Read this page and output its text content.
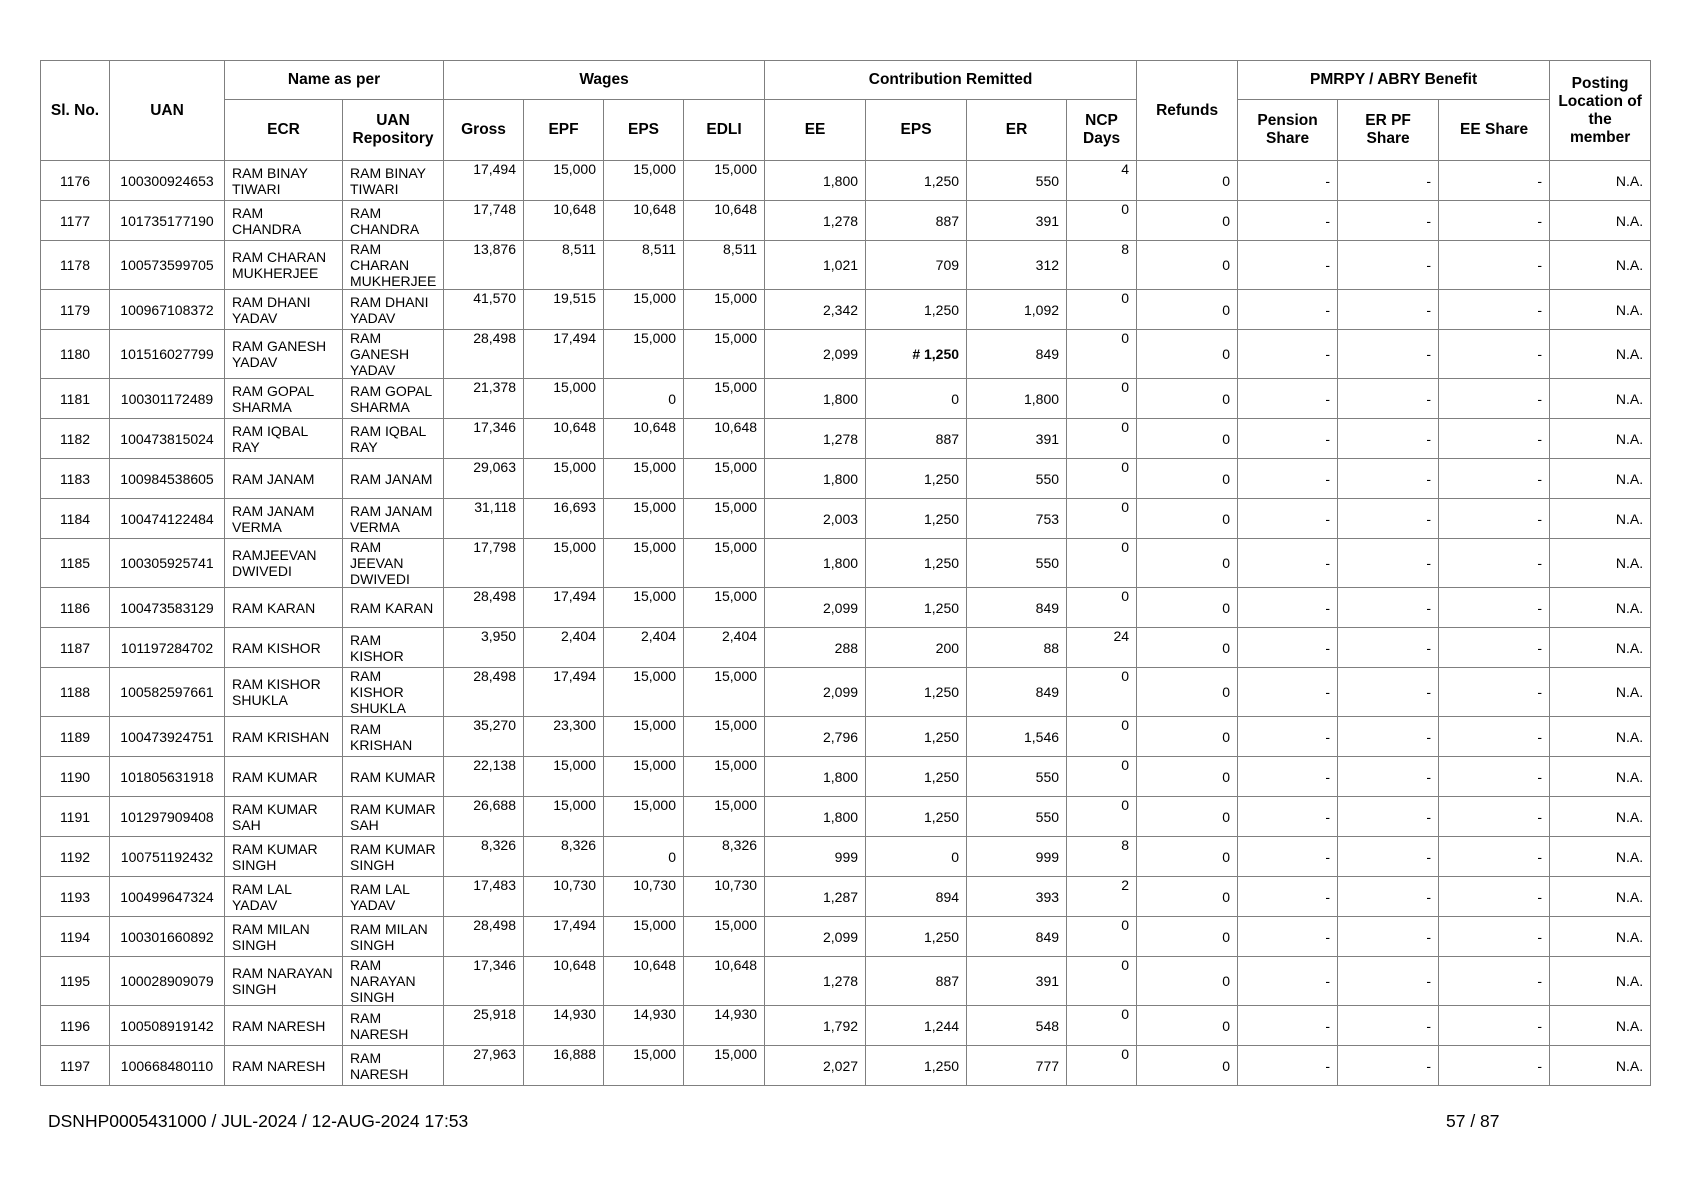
Sl. No.	UAN	Name as per		Wages				Contribution Remitted				Refunds	PMRPY / ABRY Benefit			Posting Location of the member
		ECR	UAN Repository	Gross	EPF	EPS	EDLI	EE	EPS	ER	NCP Days		Pension Share	ER PF Share	EE Share	
1176	100300924653	RAM BINAY TIWARI	RAM BINAY TIWARI	17,494	15,000	15,000	15,000	1,800	1,250	550	4	0	-	-	-	N.A.
1177	101735177190	RAM CHANDRA	RAM CHANDRA	17,748	10,648	10,648	10,648	1,278	887	391	0	0	-	-	-	N.A.
1178	100573599705	RAM CHARAN MUKHERJEE	RAM CHARAN MUKHERJEE	13,876	8,511	8,511	8,511	1,021	709	312	8	0	-	-	-	N.A.
1179	100967108372	RAM DHANI YADAV	RAM DHANI YADAV	41,570	19,515	15,000	15,000	2,342	1,250	1,092	0	0	-	-	-	N.A.
1180	101516027799	RAM GANESH YADAV	RAM GANESH YADAV	28,498	17,494	15,000	15,000	2,099	# 1,250	849	0	0	-	-	-	N.A.
1181	100301172489	RAM GOPAL SHARMA	RAM GOPAL SHARMA	21,378	15,000	0	15,000	1,800	0	1,800	0	0	-	-	-	N.A.
1182	100473815024	RAM IQBAL RAY	RAM IQBAL RAY	17,346	10,648	10,648	10,648	1,278	887	391	0	0	-	-	-	N.A.
1183	100984538605	RAM JANAM	RAM JANAM	29,063	15,000	15,000	15,000	1,800	1,250	550	0	0	-	-	-	N.A.
1184	100474122484	RAM JANAM VERMA	RAM JANAM VERMA	31,118	16,693	15,000	15,000	2,003	1,250	753	0	0	-	-	-	N.A.
1185	100305925741	RAMJEEVAN DWIVEDI	RAM JEEVAN DWIVEDI	17,798	15,000	15,000	15,000	1,800	1,250	550	0	0	-	-	-	N.A.
1186	100473583129	RAM KARAN	RAM KARAN	28,498	17,494	15,000	15,000	2,099	1,250	849	0	0	-	-	-	N.A.
1187	101197284702	RAM KISHOR	RAM KISHOR	3,950	2,404	2,404	2,404	288	200	88	24	0	-	-	-	N.A.
1188	100582597661	RAM KISHOR SHUKLA	RAM KISHOR SHUKLA	28,498	17,494	15,000	15,000	2,099	1,250	849	0	0	-	-	-	N.A.
1189	100473924751	RAM KRISHAN	RAM KRISHAN	35,270	23,300	15,000	15,000	2,796	1,250	1,546	0	0	-	-	-	N.A.
1190	101805631918	RAM KUMAR	RAM KUMAR	22,138	15,000	15,000	15,000	1,800	1,250	550	0	0	-	-	-	N.A.
1191	101297909408	RAM KUMAR SAH	RAM KUMAR SAH	26,688	15,000	15,000	15,000	1,800	1,250	550	0	0	-	-	-	N.A.
1192	100751192432	RAM KUMAR SINGH	RAM KUMAR SINGH	8,326	8,326	0	8,326	999	0	999	8	0	-	-	-	N.A.
1193	100499647324	RAM LAL YADAV	RAM LAL YADAV	17,483	10,730	10,730	10,730	1,287	894	393	2	0	-	-	-	N.A.
1194	100301660892	RAM MILAN SINGH	RAM MILAN SINGH	28,498	17,494	15,000	15,000	2,099	1,250	849	0	0	-	-	-	N.A.
1195	100028909079	RAM NARAYAN SINGH	RAM NARAYAN SINGH	17,346	10,648	10,648	10,648	1,278	887	391	0	0	-	-	-	N.A.
1196	100508919142	RAM NARESH	RAM NARESH	25,918	14,930	14,930	14,930	1,792	1,244	548	0	0	-	-	-	N.A.
1197	100668480110	RAM NARESH	RAM NARESH	27,963	16,888	15,000	15,000	2,027	1,250	777	0	0	-	-	-	N.A.
DSNHP0005431000 / JUL-2024 / 12-AUG-2024 17:53	57 / 87
